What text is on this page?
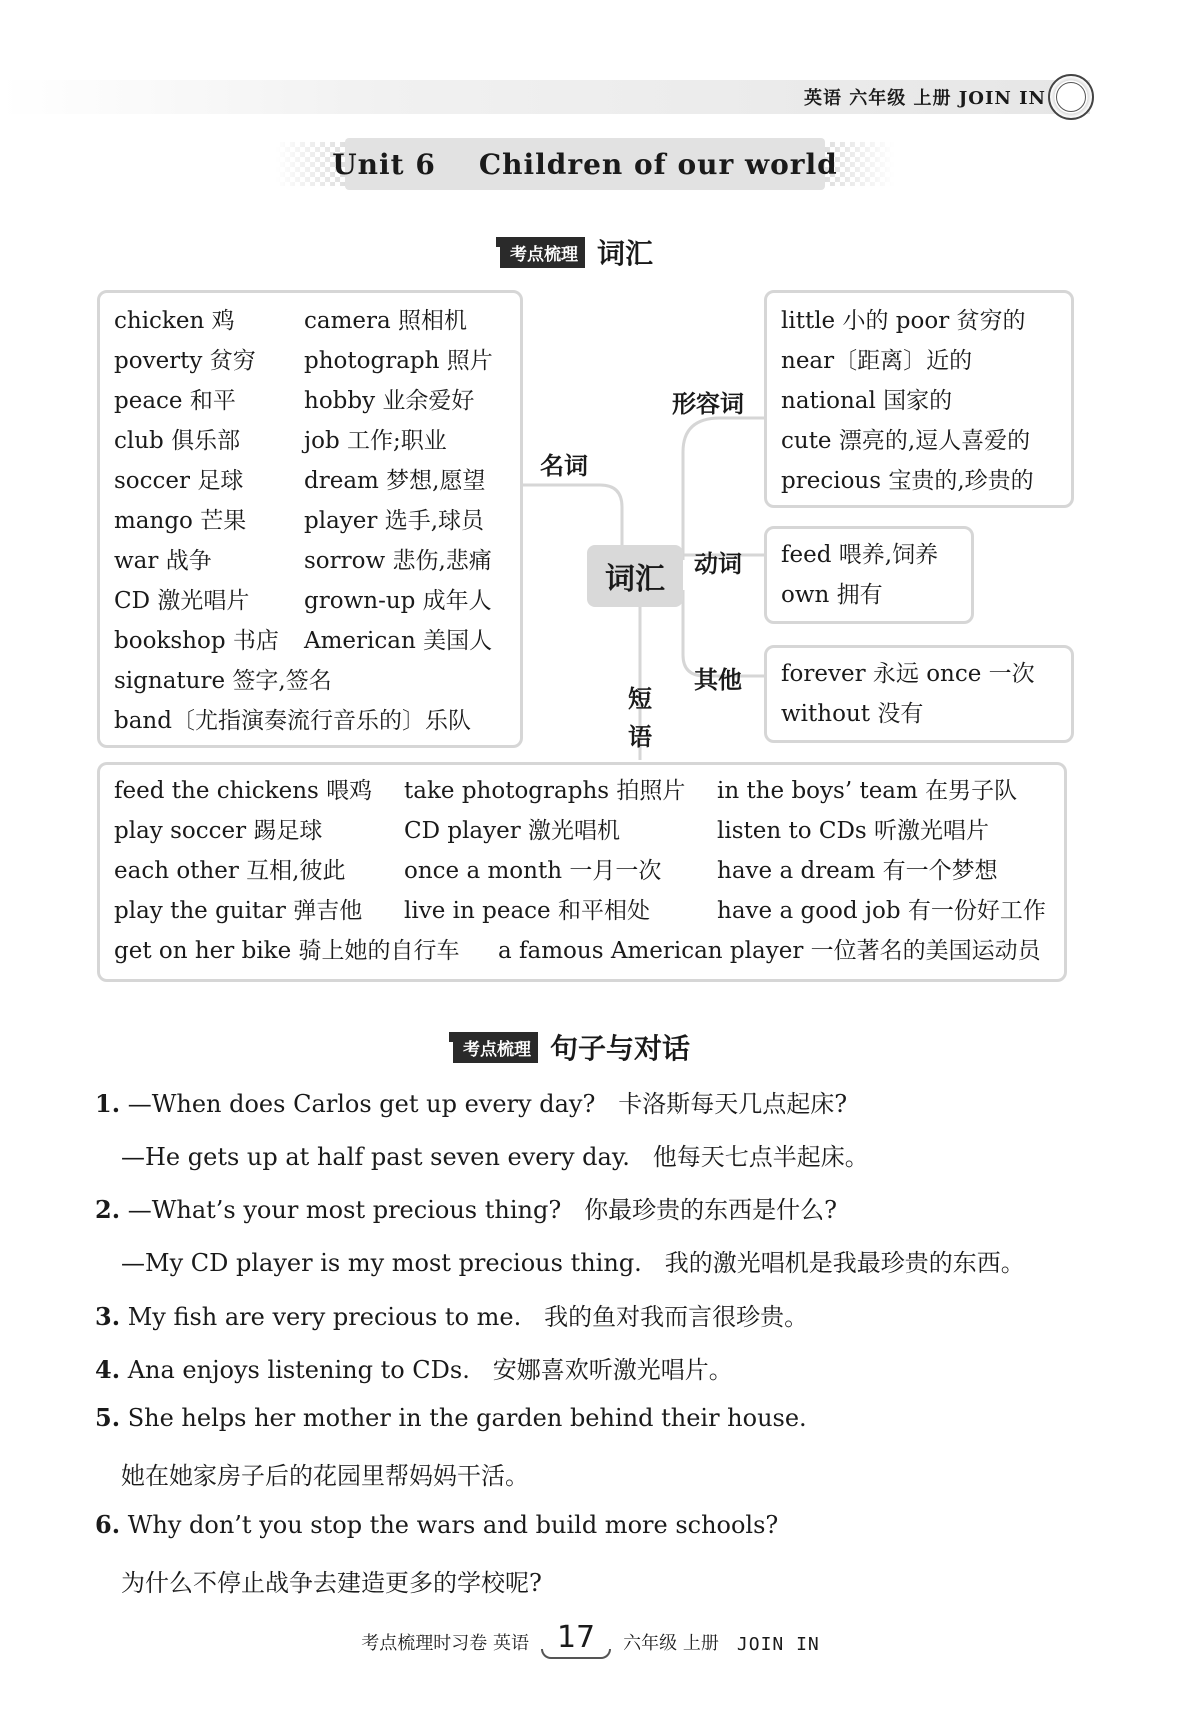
英语 六年级 上册 JOIN IN
Unit 6
Children of our world
考点梳理 词汇
chicken 鸡	camera 照相机
poverty 贫穷 photograph 照片
peace 和平	hobby 业余爱好
club 俱乐部	job 工作;职业
soccer 足球	dream 梦想,愿望
mango 芒果	player 选手,球员
war 战争	sorrow 悲伤,悲痛
CD 激光唱片 grown-up 成年人
bookshop 书店 American 美国人
signature 签字,签名
band〔尤指演奏流行音乐的〕乐队
little 小的 poor 贫穷的
near〔距离〕近的
national 国家的
cute 漂亮的,逗人喜爱的
precious 宝贵的,珍贵的
feed 喂养,饲养
own 拥有
forever 永远 once 一次
without 没有
名词
形容词
动词
其他
词汇
短
语
feed the chickens 喂鸡 take photographs 拍照片 in the boys’ team 在男子队
play soccer 踢足球	CD player 激光唱机	listen to CDs 听激光唱片
each other 互相,彼此	once a month 一月一次 have a dream 有一个梦想
play the guitar 弹吉他 live in peace 和平相处	have a good job 有一份好工作
get on her bike 骑上她的自行车 a famous American player 一位著名的美国运动员
考点梳理 句子与对话
1. —When does Carlos get up every day?   卡洛斯每天几点起床?
—He gets up at half past seven every day.   他每天七点半起床。
2. —What’s your most precious thing?   你最珍贵的东西是什么?
—My CD player is my most precious thing.   我的激光唱机是我最珍贵的东西。
3. My fish are very precious to me.   我的鱼对我而言很珍贵。
4. Ana enjoys listening to CDs.   安娜喜欢听激光唱片。
5. She helps her mother in the garden behind their house.
她在她家房子后的花园里帮妈妈干活。
6. Why don’t you stop the wars and build more schools?
为什么不停止战争去建造更多的学校呢?
考点梳理时习卷 英语 17	六年级 上册 JOIN IN
